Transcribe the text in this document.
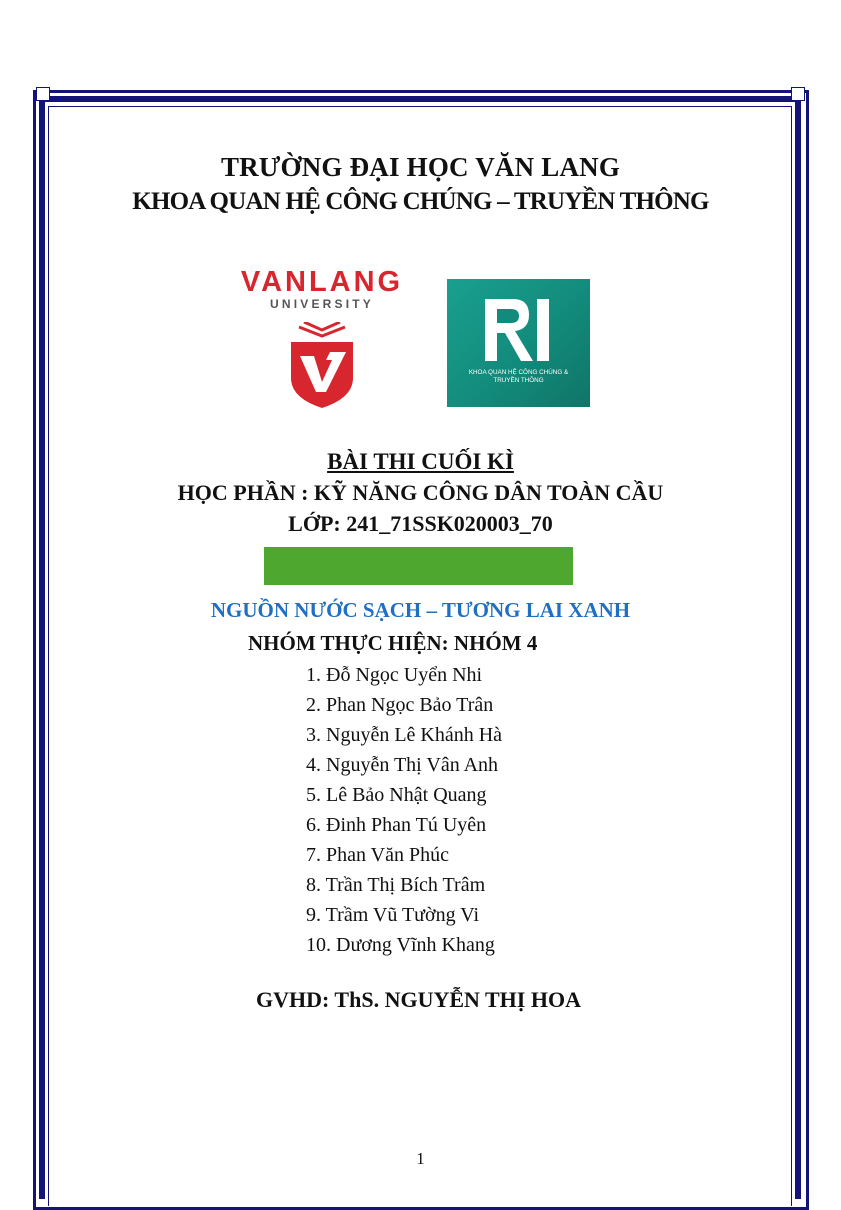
TRƯỜNG ĐẠI HỌC VĂN LANG
KHOA QUAN HỆ CÔNG CHÚNG – TRUYỀN THÔNG
VANLANG
UNIVERSITY
KHOA QUAN HỆ CÔNG CHÚNG &
TRUYỀN THÔNG
BÀI THI CUỐI KÌ
HỌC PHẦN : KỸ NĂNG CÔNG DÂN TOÀN CẦU
LỚP: 241_71SSK020003_70
NGUỒN NƯỚC SẠCH – TƯƠNG LAI XANH
NHÓM THỰC HIỆN: NHÓM 4
1. Đỗ Ngọc Uyển Nhi
2. Phan Ngọc Bảo Trân
3. Nguyễn Lê Khánh Hà
4. Nguyễn Thị Vân Anh
5. Lê Bảo Nhật Quang
6. Đinh Phan Tú Uyên
7. Phan Văn Phúc
8. Trần Thị Bích Trâm
9. Trầm Vũ Tường Vi
10. Dương Vĩnh Khang
GVHD: ThS. NGUYỄN THỊ HOA
1
